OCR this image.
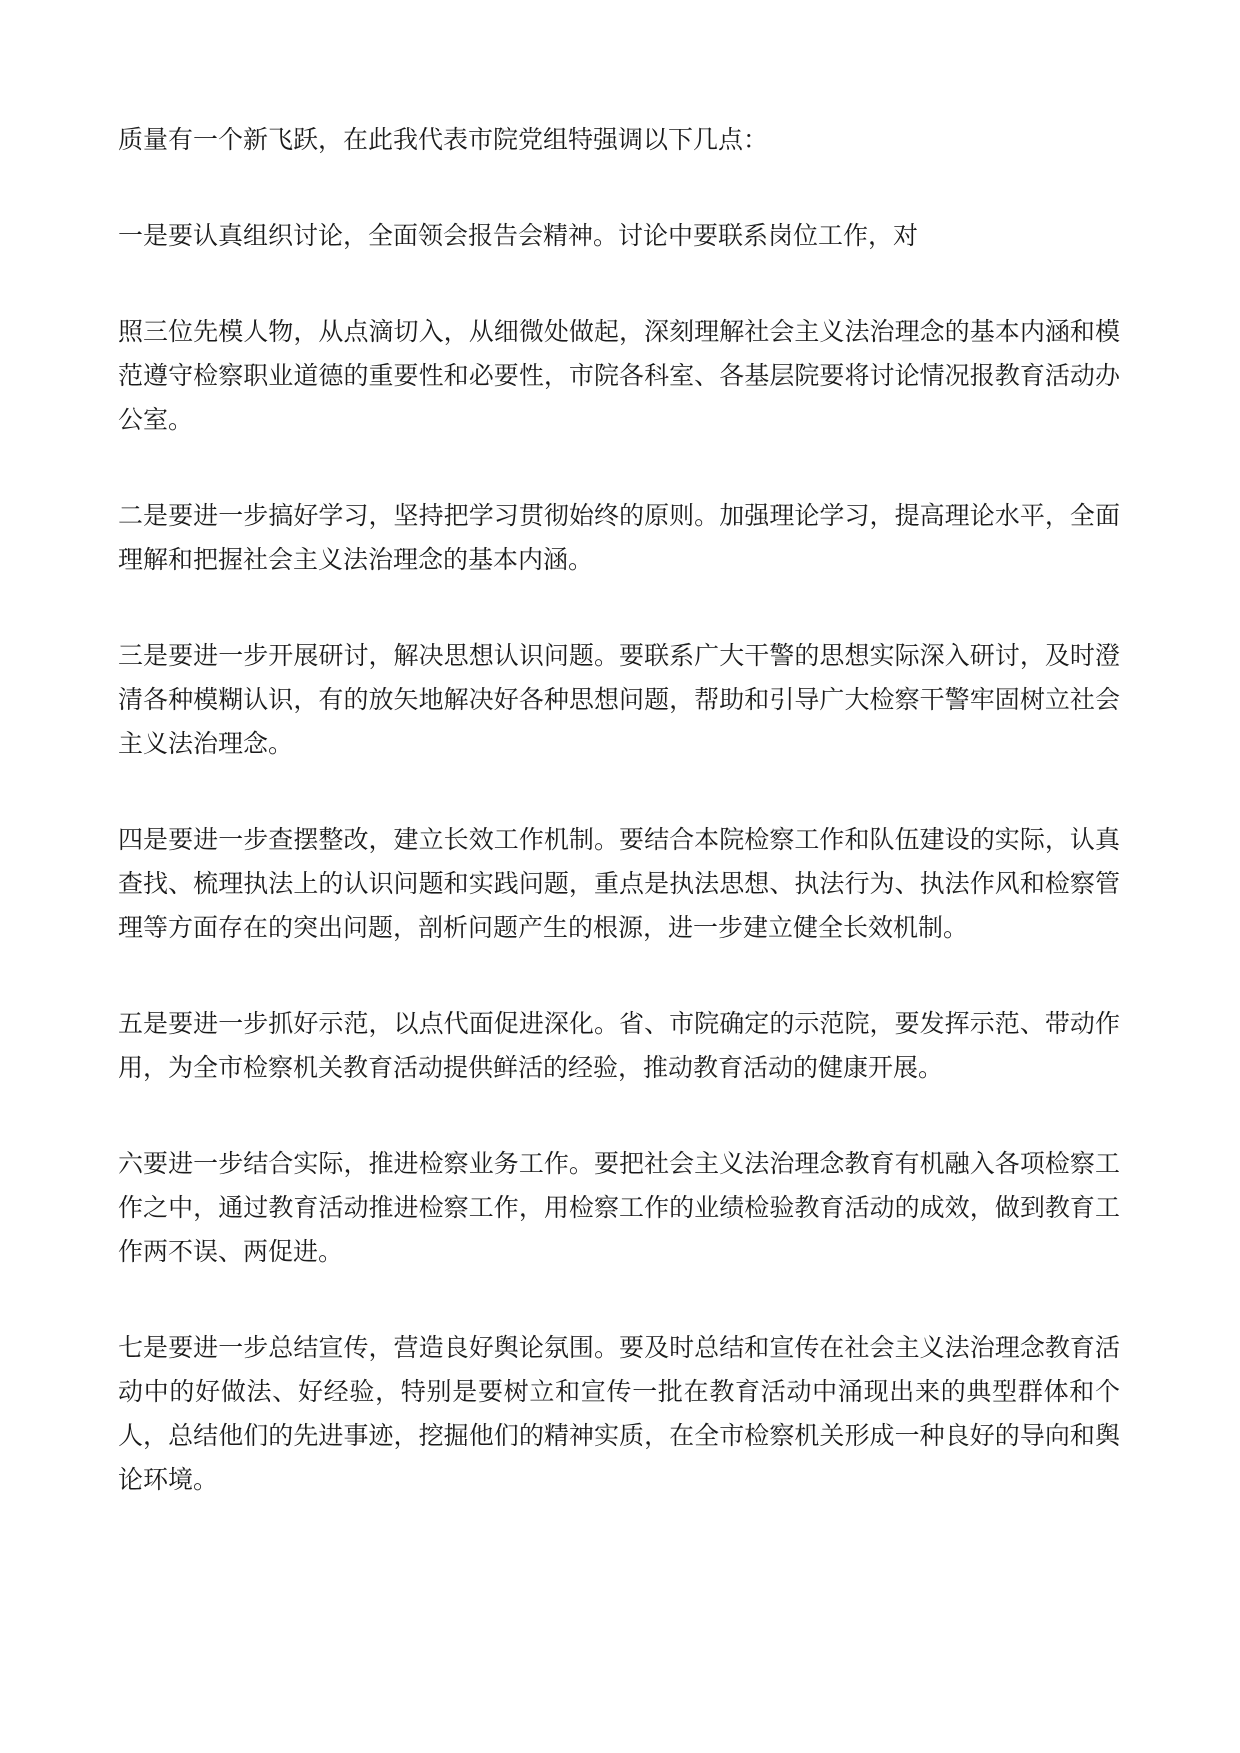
质量有一个新飞跃，在此我代表市院党组特强调以下几点：

一是要认真组织讨论，全面领会报告会精神。讨论中要联系岗位工作，对

照三位先模人物，从点滴切入，从细微处做起，深刻理解社会主义法治理念的基本内涵和模范遵守检察职业道德的重要性和必要性，市院各科室、各基层院要将讨论情况报教育活动办公室。

二是要进一步搞好学习，坚持把学习贯彻始终的原则。加强理论学习，提高理论水平，全面理解和把握社会主义法治理念的基本内涵。

三是要进一步开展研讨，解决思想认识问题。要联系广大干警的思想实际深入研讨，及时澄清各种模糊认识，有的放矢地解决好各种思想问题，帮助和引导广大检察干警牢固树立社会主义法治理念。

四是要进一步查摆整改，建立长效工作机制。要结合本院检察工作和队伍建设的实际，认真查找、梳理执法上的认识问题和实践问题，重点是执法思想、执法行为、执法作风和检察管理等方面存在的突出问题，剖析问题产生的根源，进一步建立健全长效机制。

五是要进一步抓好示范，以点代面促进深化。省、市院确定的示范院，要发挥示范、带动作用，为全市检察机关教育活动提供鲜活的经验，推动教育活动的健康开展。

六要进一步结合实际，推进检察业务工作。要把社会主义法治理念教育有机融入各项检察工作之中，通过教育活动推进检察工作，用检察工作的业绩检验教育活动的成效，做到教育工作两不误、两促进。

七是要进一步总结宣传，营造良好舆论氛围。要及时总结和宣传在社会主义法治理念教育活动中的好做法、好经验，特别是要树立和宣传一批在教育活动中涌现出来的典型群体和个人，总结他们的先进事迹，挖掘他们的精神实质，在全市检察机关形成一种良好的导向和舆论环境。
